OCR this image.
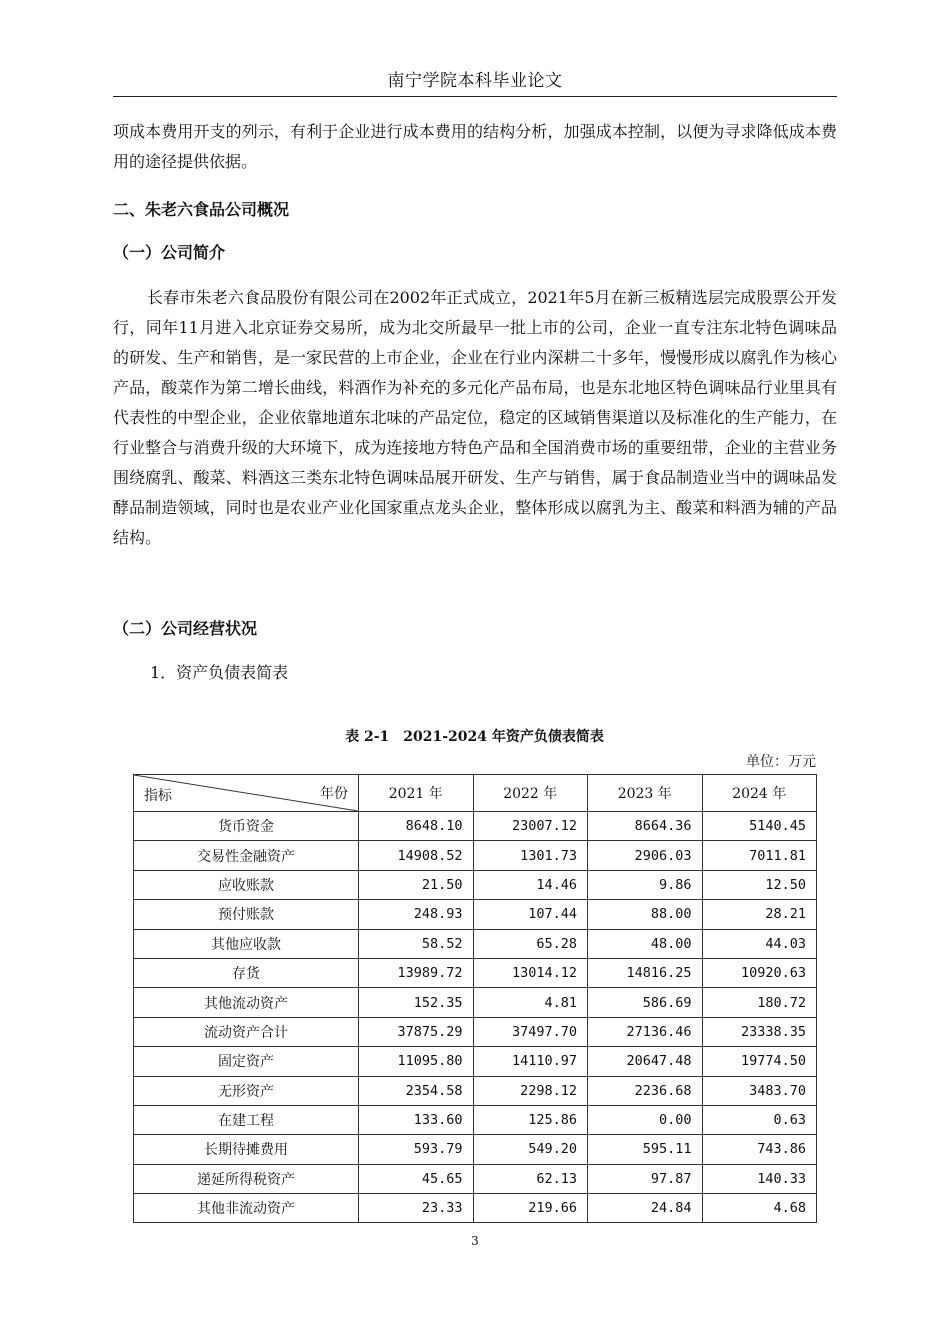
南宁学院本科毕业论文

项成本费用开支的列示，有利于企业进行成本费用的结构分析，加强成本控制，以便为寻求降低成本费用的途径提供依据。

二、朱老六食品公司概况

（一）公司简介

长春市朱老六食品股份有限公司在2002年正式成立，2021年5月在新三板精选层完成股票公开发行，同年11月进入北京证券交易所，成为北交所最早一批上市的公司，企业一直专注东北特色调味品的研发、生产和销售，是一家民营的上市企业，企业在行业内深耕二十多年，慢慢形成以腐乳作为核心产品，酸菜作为第二增长曲线，料酒作为补充的多元化产品布局，也是东北地区特色调味品行业里具有代表性的中型企业，企业依靠地道东北味的产品定位，稳定的区域销售渠道以及标准化的生产能力，在行业整合与消费升级的大环境下，成为连接地方特色产品和全国消费市场的重要纽带，企业的主营业务围绕腐乳、酸菜、料酒这三类东北特色调味品展开研发、生产与销售，属于食品制造业当中的调味品发酵品制造领域，同时也是农业产业化国家重点龙头企业，整体形成以腐乳为主、酸菜和料酒为辅的产品结构。

（二）公司经营状况

1．资产负债表简表

表 2-1　2021-2024 年资产负债表简表
单位：万元
指标 年份	2021 年	2022 年	2023 年	2024 年
货币资金	8648.10	23007.12	8664.36	5140.45
交易性金融资产	14908.52	1301.73	2906.03	7011.81
应收账款	21.50	14.46	9.86	12.50
预付账款	248.93	107.44	88.00	28.21
其他应收款	58.52	65.28	48.00	44.03
存货	13989.72	13014.12	14816.25	10920.63
其他流动资产	152.35	4.81	586.69	180.72
流动资产合计	37875.29	37497.70	27136.46	23338.35
固定资产	11095.80	14110.97	20647.48	19774.50
无形资产	2354.58	2298.12	2236.68	3483.70
在建工程	133.60	125.86	0.00	0.63
长期待摊费用	593.79	549.20	595.11	743.86
递延所得税资产	45.65	62.13	97.87	140.33
其他非流动资产	23.33	219.66	24.84	4.68
3
